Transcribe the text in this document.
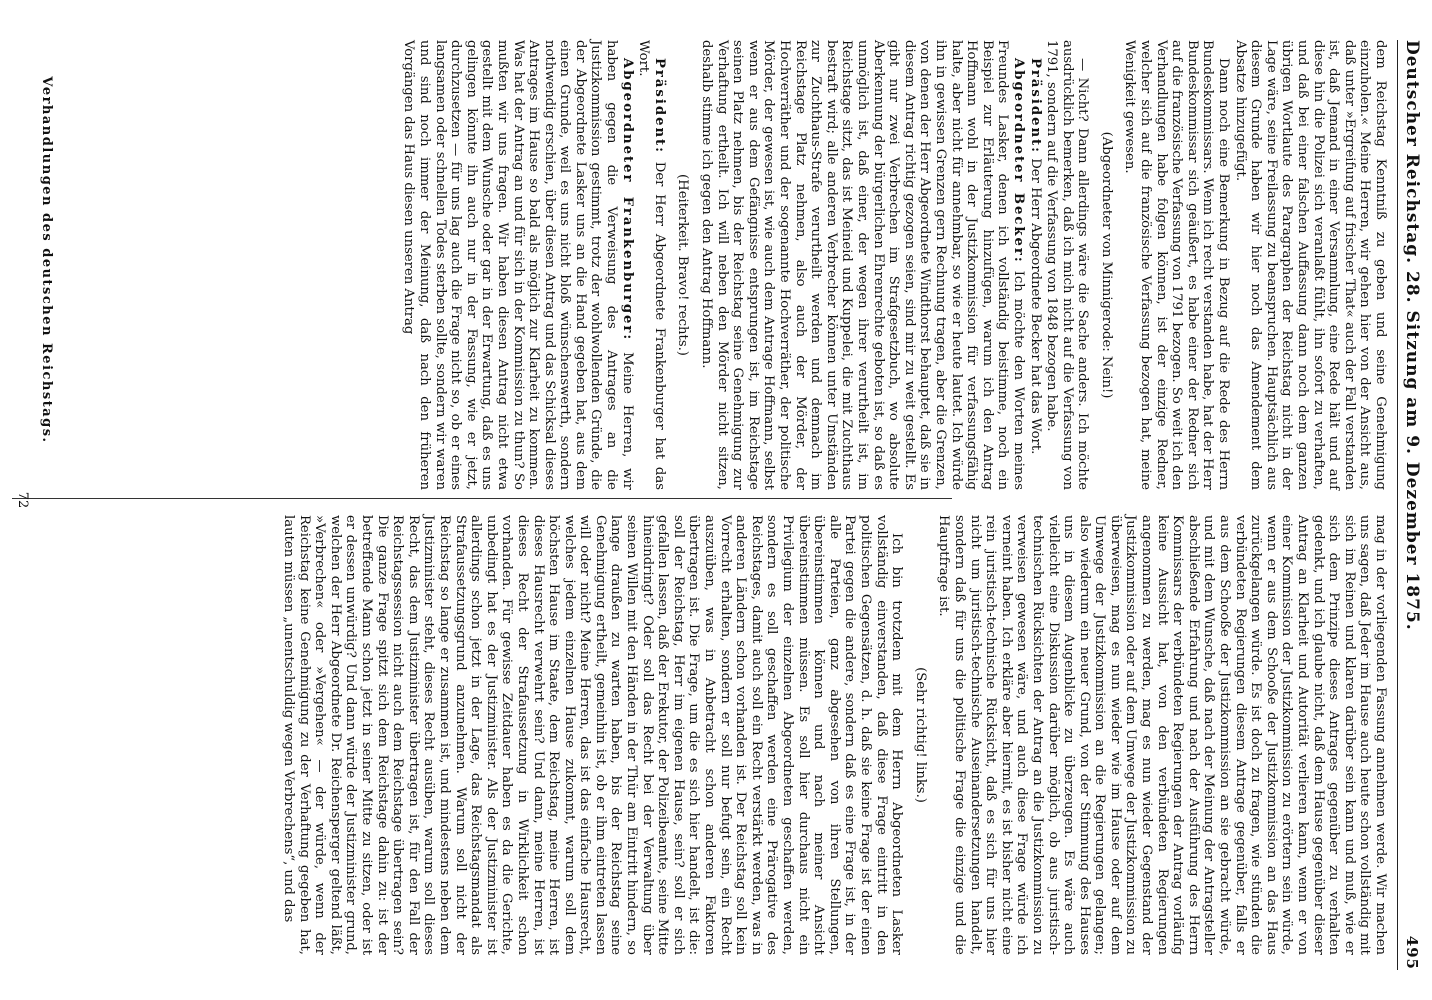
Deutscher Reichstag. 28. Sitzung am 9. Dezember 1875.
495

dem Reichstag Kenntniß zu geben und seine Genehmigung einzuholen.« Meine Herren, wir gehen hier von der Ansicht aus, daß unter »Ergreifung auf frischer That« auch der Fall verstanden ist, daß Jemand in einer Versammlung, eine Rede hält und auf diese hin die Polizei sich veranlaßt fühlt, ihn sofort zu verhaften, und daß bei einer falschen Auffassung dann noch dem ganzen übrigen Wortlaute des Paragraphen der Reichstag nicht in der Lage wäre, seine Freilassung zu beanspruchen. Hauptsächlich aus diesem Grunde haben wir hier noch das Amendement dem Absatze hinzugefügt.

Dann noch eine Bemerkung in Bezug auf die Rede des Herrn Bundeskommissars. Wenn ich recht verstanden habe, hat der Herr Bundeskommissar sich geäußert, es habe einer der Redner sich auf die französische Verfassung von 1791 bezogen. So weit ich den Verhandlungen habe folgen können, ist der einzige Redner, welcher sich auf die französische Verfassung bezogen hat, meine Wenigkeit gewesen.

(Abgeordneter von Minnigerode: Nein!)

— Nicht? Dann allerdings wäre die Sache anders. Ich möchte ausdrücklich bemerken, daß ich mich nicht auf die Verfassung von 1791, sondern auf die Verfassung von 1848 bezogen habe.

Präsident: Der Herr Abgeordnete Becker hat das Wort.

Abgeordneter Becker: Ich möchte den Worten meines Freundes Lasker, denen ich vollständig beistimme, noch ein Beispiel zur Erläuterung hinzufügen, warum ich den Antrag Hoffmann wohl in der Justizkommission für verfassungsfähig halte, aber nicht für annehmbar, so wie er heute lautet. Ich würde ihn in gewissen Grenzen gern Rechnung tragen, aber die Grenzen, von denen der Herr Abgeordnete Windthorst behauptet, daß sie in diesem Antrag richtig gezogen seien, sind mir zu weit gestellt. Es gibt nur zwei Verbrechen im Strafgesetzbuch, wo absolute Aberkennung der bürgerlichen Ehrenrechte geboten ist, so daß es unmöglich ist, daß einer, der wegen ihrer verurtheilt ist, im Reichstage sitzt, das ist Meineid und Kuppelei, die mit Zuchthaus bestraft wird; alle anderen Verbrecher können unter Umständen zur Zuchthaus-Strafe verurtheilt werden und demnach im Reichstage Platz nehmen, also auch der Mörder, der Hochverräther und der sogenannte Hochverräther, der politische Mörder, der gewesen ist, wie auch dem Antrage Hoffmann, selbst wenn er aus dem Gefängnisse entsprungen ist, im Reichstage seinen Platz nehmen, bis der Reichstag seine Genehmigung zur Verhaftung ertheilt. Ich will neben den Mörder nicht sitzen, deshalb stimme ich gegen den Antrag Hoffmann.

(Heiterkeit. Bravo! rechts.)

Präsident: Der Herr Abgeordnete Frankenburger hat das Wort.

Abgeordneter Frankenburger: Meine Herren, wir haben gegen die Verweisung des Antrages an die Justizkommission gestimmt, trotz der wohlwollenden Gründe, die der Abgeordnete Lasker uns an die Hand gegeben hat, aus dem einen Grunde, weil es uns nicht bloß wünschenswerth, sondern nothwendig erschien, über diesen Antrag und das Schicksal dieses Antrages im Hause so bald als möglich zur Klarheit zu kommen. Was hat der Antrag an und für sich in der Kommission zu thun? So mußten wir uns fragen. Wir haben diesen Antrag nicht etwa gestellt mit dem Wunsche oder gar in der Erwartung, daß es uns gelingen könnte ihn auch nur in der Fassung, wie er jetzt, durchzusetzen — für uns lag auch die Frage nicht so, ob er eines langsamen oder schnellen Todes sterben sollte, sondern wir waren und sind noch immer der Meinung, daß nach den früheren Vorgängen das Haus diesen unseren Antrag

mag in der vorliegenden Fassung annehmen werde. Wir machen uns sagen, daß Jeder im Hause auch heute schon vollständig mit sich im Reinen und klaren darüber sein kann und muß, wie er sich dem Prinzipe dieses Antrages gegenüber zu verhalten gedenkt, und ich glaube nicht, daß dem Hause gegenüber dieser Antrag an Klarheit und Autorität verlieren kann, wenn er von einer Kommission der Justizkommission zu erörtern sein würde, wenn er aus dem Schooße der Justizkommission an das Haus zurückgelangen würde. Es ist doch zu fragen, wie stünden die verbündeten Regierungen diesem Antrage gegenüber, falls er aus dem Schooße der Justizkommission an sie gebracht würde, und mit dem Wunsche, daß nach der Meinung der Antragsteller abschließende Erfahrung und nach der Ausführung des Herrn Kommissars der verbündeten Regierungen der Antrag vorläufig keine Aussicht hat, von den verbündeten Regierungen angenommen zu werden, mag es nun wieder Gegenstand der Justizkommission oder auf dem Umwege der Justizkommission zu überweisen, mag es nun wieder wie im Hause oder auf dem Umwege der Justizkommission an die Regierungen gelangen; also wiederum ein neuer Grund, von der Stimmung des Hauses uns in diesem Augenblicke zu überzeugen. Es wäre auch vielleicht eine Diskussion darüber möglich, ob aus juristisch-technischen Rücksichten der Antrag an die Justizkommission zu verweisen gewesen wäre, und auch diese Frage würde ich verneint haben. Ich erkläre aber hiermit, es ist bisher nicht eine rein juristisch-technische Rücksicht, daß es sich für uns hier nicht um juristisch-technische Auseinandersetzungen handelt, sondern daß für uns die politische Frage die einzige und die Hauptfrage ist.

(Sehr richtig! links.)

Ich bin trotzdem mit dem Herrn Abgeordneten Lasker vollständig einverstanden, daß diese Frage eintritt in den politischen Gegensätzen, d. h. daß sie keine Frage ist der einen Partei gegen die andere, sondern daß es eine Frage ist, in der alle Parteien, ganz abgesehen von ihren Stellungen, übereinstimmen können und nach meiner Ansicht übereinstimmen müssen. Es soll hier durchaus nicht ein Privilegium der einzelnen Abgeordneten geschaffen werden, sondern es soll geschaffen werden eine Prärogative des Reichstages, damit auch soll ein Recht verstärkt werden, was in anderen Ländern schon vorhanden ist. Der Reichstag soll kein Vorrecht erhalten, sondern er soll nur befugt sein, ein Recht auszuüben, was in Anbetracht schon anderen Faktoren übertragen ist. Die Frage, um die es sich hier handelt, ist die: soll der Reichstag, Herr im eigenen Hause, sein? soll er sich gefallen lassen, daß der Erekutor, der Polizeibeamte, seine Mitte hineindringt? Oder soll das Recht bei der Verwaltung über seinen Willen mit den Händen in der Thür am Eintritt hindern, so lange draußen zu warten haben, bis der Reichstag seine Genehmigung ertheilt, gemeinhin ist, ob er ihm eintreten lassen will oder nicht? Meine Herren, das ist das einfache Hausrecht, welches jedem einzelnen Hause zukommt, warum soll dem höchsten Hause im Staate, dem Reichstag, meine Herren, ist dieses Hausrecht verwehrt sein? Und dann, meine Herren, ist dieses Recht der Strafaussetzung in Wirklichkeit schon vorhanden. Für gewisse Zeitdauer haben es da die Gerichte, unbedingt hat es der Justizminister. Als der Justizminister ist allerdings schon jetzt in der Lage, das Reichstagsmandat als Strafaussetzungsgrund anzunehmen. Warum soll nicht der Reichstag so lange er zusammen ist, und mindestens neben dem Justizminister steht, dieses Recht ausüben, warum soll dieses Recht, das dem Justizminister übertragen ist, für den Fall der Reichstagssession nicht auch dem Reichstage übertragen sein? Die ganze Frage spitzt sich dem Reichstage dahin zu: ist der betreffende Mann schon jetzt in seiner Mitte zu sitzen, oder ist er dessen unwürdig? Und dann würde der Justizminister grund, welchen der Herr Abgeordnete Dr. Reichensperger geltend läßt, »Verbrechen« oder »Vergehen« — der würde, wenn der Reichstag keine Genehmigung zu der Verhaftung gegeben hat, lauten müssen „unentschuldig wegen Verbrechens“, und das

Verhandlungen des deutschen Reichstags.
72
